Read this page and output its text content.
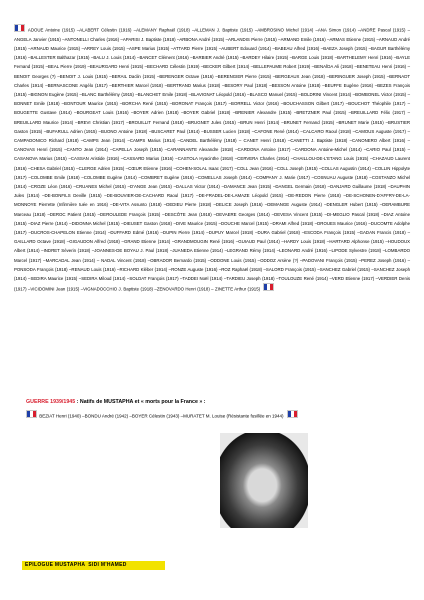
ADOUE Antoine (1915) –ALABERT Célestin (1916) –ALEMANY Raphaël (1918) –ALLEMAN J. Baptiste (1915) –AMBROSINO Michel (1914) –ANA Simon (1914) –ANDRE Pascal (1915) –ANGELA Janvier (1915) –ANTONELLI Charles (1916) –APARISI J. Baptiste (1918) –ARBONA André (1915) –ARLANDIS Pierre (1915) –ARMAND Emile (1916) –ARMAS Etienne (1915) –ARNAUD André (1915) –ARNAUD Maurice (1915) –ARREY Louis (1915) –ASPE Marius (1915) –ATTARD Pierre (1915) –AUBERT Edouard (1914) –BABEAU Alfred (1916) –BAEZA Joseph (1915) –BAGUR Barthélémy (1916) –BALLESTER Balthazar (1915) –BALU J. Louis (1914) –BANCET Clément (1916) –BARBIER André (1915) –BARDEY Hilaire (1915) –BARGE Louis (1918) –BARTHELEMY Henri (1916) –BAYLE Fernand (1915) –BEAL Pierre (1919) –BEAURGARD Henri (1915) –BECHARD Célestin (1919) –BECKER Gilbert (1914) –BELLEPAUME Robert (1919) –BENAÏDA Ali (1918) –BENETEAU Henri (1916) –BENOIT Georges (?) –BENOIT J. Louis (1915) –BERAIL Daclin (1915) –BERENGER Octave (1916) –BERENGIER Pierre (1915) –BERGEAUX Jean (1918) –BERINGUER Joseph (1915) –BERNADT Charles (1914) –BERNASCONE Angélo (1917) –BERTHIER Marcel (1918) –BERTRAND Marius (1918) –BESORY Paul (1918) –BESSON Antoine (1918) –BEUFFE Eugène (1916) –BEZES François (1915) –BIGNON Eugène (1915) –BLANC Barthélémy (1915) –BLANCHET Emile (1918) –BLAVIGNAT Léopold (1916) –BLASCO Manuel (1915) –BOLDRINI Vincent (1914) –BOMBONEL Victor (1915) –BONNET Emile (1918) –BONTOUR Maurice (1915) –BORCHA René (1915) –BORONAT François (1917) –BORRELL Victor (1916) –BOUCHASSON Gilbert (1917) –BOUCHOT Théophile (1917) –BOUGETTE Gustave (1914) –BOURGEAT Louis (1916) –BOYER Adrien (1918) –BOYER Gabriel (1918) –BRENIER Alexandre (1915) –BRETZNER Paul (1915) –BREUILLARD Félix (1917) –BREUILLARD Maurice (1914) –BREVI Christian (1917) –BROUILLIT Fernand (1918) –BRUGNET Jules (1915) –BRUN Henri (1914) –BRUNET Fernand (1915) –BRUNET Marie (1915) –BRUSTIER Gaston (1915) –BUFARULL Adrien (1915) –BUONO Antoine (1918) –BUSCARET Paul (1914) –BUSSER Lucien (1918) –CAFONE René (1914) –CALCARO Raoul (1918) –CAMOUS Auguste (1917) –CAMPADONICO Richard (1918) –CAMPS Jean (1914) –CAMPS Marius (1914) –CANDEL Barthélémy (1918) – CANET Henri (1918) –CANETTI J. Baptiste (1918) –CANONERO Albert (1916) –CANOVAS Henri (1915) –CANTO Jean (1914) –CAPELLA Joseph (1915) –CARANNANTE Alexandre (1918) –CARDONA Antoine (1917) –CARDONA Antoine-Michel (1914) –CARIO Paul (1915) –CASANOVA Marius (1915) –CASSAN Aristide (1916) –CASSARD Marius (1916) –CASTOLA Hyacinthe (1918) –CERVERA Charles (1914) –CHAILLOU-DE-L'ETANG Louis (1915) –CHAZAUD Laurent (1916) –CHESA Gabriel (1915) –CLERGE Adrien (1915) –CŒUR Etienne (1916) –COHEN-SOLAL Isaac (1917) –COLL Jean (1916) –COLL Joseph (1915) –COLLAS Augustin (1914) –COLLIN Hippolyte (1917) –COLOMBE Emile (1918) –COLOMBE Eugène (1914) –COMBRET Eugène (1916) –COMELLAS Joseph (1914) –COMPANY J. Marie (1917) –COSNUAU Auguste (1918) –COSTANZO Michel (1914) –CROZE Léon (1916) –CRUANES Michel (1915) –D'ANGE Jean (1915) –DALLAS Victor (1914) –DAMANCE Jean (1915) –DANGEL Germain (1918) –DANJARD Guillaume (1918) –DAUPHIN Jules (1914) –DE-BONFILS Deville (1915) –DE-BOUVIER-DE-CACHARD Raoul (1917) –DE-FRADEL-DE-LAMAZE Léopold (1915) –DE-REDON Pierre (1918) –DE-SCHONEN-D'AFFRY-DE-LA-MONNOYE Pierrette (Infirmière tuée en 1916) –DE-VITA Assunto (1918) –DEDIEU Pierre (1918) –DELICE Joseph (1916) –DEMANGE Auguste (1914) –DENGLER Hubert (1915) –DERAMBURE Marceau (1918) –DEROC Patient (1915) –DEROULEDE François (1915) –DESCÔTE Jean (1918) –DEVAERE Georges (1914) –DEVESA Vincent (1915) –DI-MEGLIO Pascal (1918) –DIAZ Antoine (1915) –DIAZ Pierre (1914) –DIDONNA Michel (1915) –DIEUSET Gaston (1918) –DIVE Maurice (1915) –DOUCHE Marcel (1915) –DRAMI Alfred (1918) –DROUES Maurice (1916) –DUCOMTE Adolphe (1917) –DUCROS-CHAPELON Etienne (1914) –DUFFARD Edmé (1916) –DUPIN Pierre (1914) –DUPUY Marcel (1918) –DURA Gabriel (1918) –ESCODA François (1915) –GADAN Francis (1918) –GAILLARD Octave (1918) –GIGAUDON Alfred (1918) –GRAND Etienne (1914) –GRANDMOUGIN René (1916) –GUIAUD Paul (1914) –HARDY Louis (1918) –HARTARD Alphonse (1915) –HOUDOUX Albert (1914) –INDRET Séverin (1918) –JOANNES-DE BOYAU J. Paul (1918) –JUANEDA Etienne (1914) –LEGRAND Rémy (1914) –LEONARD André (1916) –LIPODE Sylvestre (1918) –LOMBARDO Marcel (1917) –MARCADAL Jean (1914) – NADAL Vincent (1918) –OBRADOR Bernardo (1915) –ODDONE Louis (1915) –ODDOZ Arsène (?) –PADOVANI François (1915) –PEREZ Joseph (1916) –PONSODA François (1918) –RENAUD Louis (1916) –RICHARD Kléber (1914) –RONZE Auguste (1916) –ROZ Raphaël (1918) –SALORD François (1915) –SANCHEZ Gabriel (1915) –SANCHEZ Joseph (1914) –SEDIRA Maurice (1915) –SEDIRA Miloud (1914) –SOLDAT François (1917) –TADDEI Noël (1914) –TARDIEU Joseph (1918) –TOULOUZE René (1914) –VERD Etienne (1917) –VERDIER Denis (1917) –VICIDOMINI Jean (1915) –VIGNADOCCHIO J. Baptiste (1918) –ZENOVARDO Henri (1918) – ZINETTE Arthur (1915)
GUERRE 1939/1945 : Natifs de MUSTAPHA et « morts pour la France » :
BEZIAT Henri (1940) –BONDU André (1942) –BOYER Célestin (1943) –MURATET M. Louise (Résistante fusillée en 1944)
EPILOGUE MUSTAPHA SIDI M'HAMED
